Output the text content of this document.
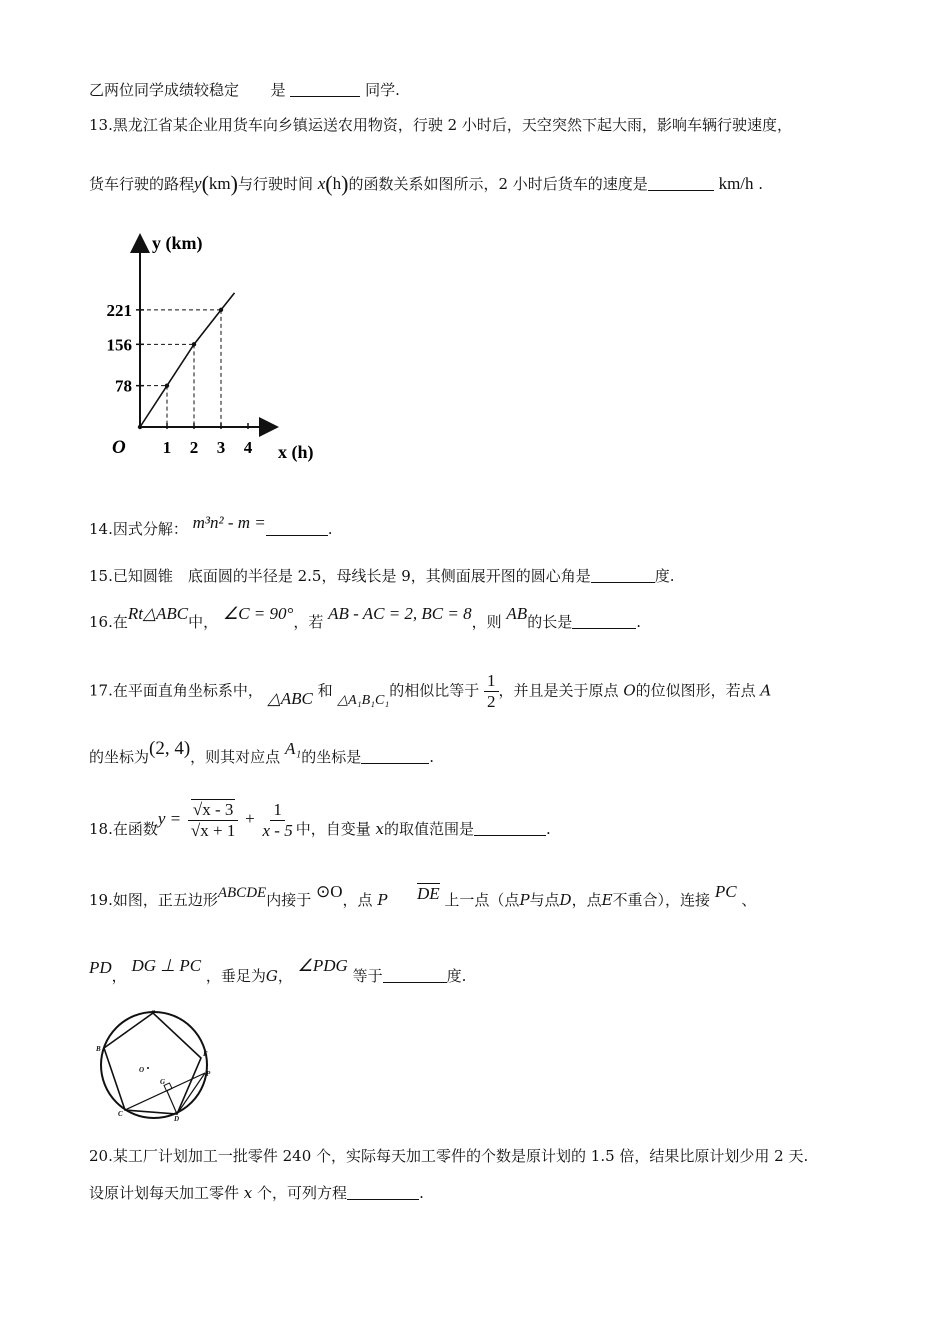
乙两位同学成绩较稳定 是	同学.
13.黑龙江省某企业用货车向乡镇运送农用物资，行驶 2 小时后，天空突然下起大雨，影响车辆行驶速度，
货车行驶的路程y(km)与行驶时间 x(h)的函数关系如图所示，2 小时后货车的速度是	km/h .
y (km)
x (h)
O
78
156
221
1 2 3 4
14.因式分解： m³n² - m =	.
15.已知圆锥　底面圆的半径是 2.5，母线长是 9，其侧面展开图的圆心角是	度.
16.在Rt△ABC中， ∠C = 90°，若 AB - AC = 2, BC = 8，则 AB的长是	.
17.在平面直角坐标系中， △ABC 和 △A₁B₁C₁的相似比等于 $\frac{1}{2}$ ，并且是关于原点 O的位似图形，若点 A
的坐标为(2, 4)，则其对应点 A₁的坐标是	.
18.在函数$y = \frac{√x - 3}{√x + 1} + \frac{1}{x - 5}$ 中，自变量 x的取值范围是	.
19.如图，正五边形ABCDE内接于 ⊙O，点 P DE 上一点（点P与点D，点E不重合），连接 PC 、
PD， DG ⊥ PC ，垂足为G， ∠PDG 等于	度.
A
B
C
D
E
P
O
G
20.某工厂计划加工一批零件 240 个，实际每天加工零件的个数是原计划的 1.5 倍，结果比原计划少用 2 天.
设原计划每天加工零件 x 个，可列方程	.
